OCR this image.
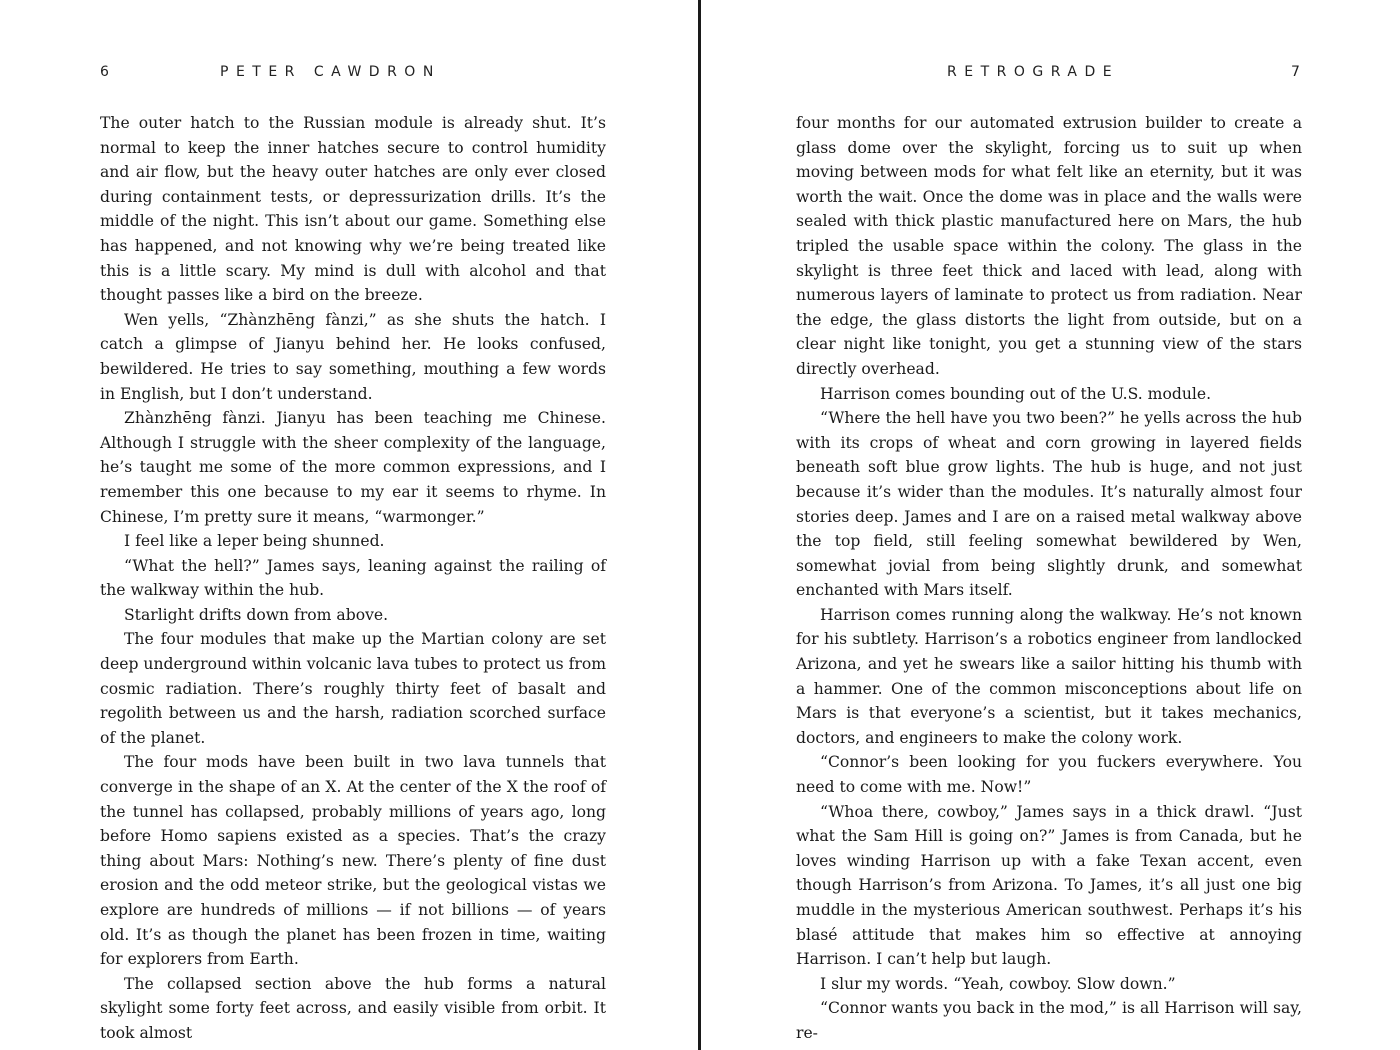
6	PETER CAWDRON

The outer hatch to the Russian module is already shut. It’s normal to keep the inner hatches secure to control humidity and air flow, but the heavy outer hatches are only ever closed during containment tests, or depressurization drills. It’s the middle of the night. This isn’t about our game. Something else has happened, and not knowing why we’re being treated like this is a little scary. My mind is dull with alcohol and that thought passes like a bird on the breeze.

Wen yells, “Zhànzhēng fànzi,” as she shuts the hatch. I catch a glimpse of Jianyu behind her. He looks confused, bewildered. He tries to say something, mouthing a few words in English, but I don’t understand.

Zhànzhēng fànzi. Jianyu has been teaching me Chinese. Although I struggle with the sheer complexity of the language, he’s taught me some of the more common expressions, and I remember this one because to my ear it seems to rhyme. In Chinese, I’m pretty sure it means, “warmonger.”

I feel like a leper being shunned.

“What the hell?” James says, leaning against the railing of the walkway within the hub.

Starlight drifts down from above.

The four modules that make up the Martian colony are set deep underground within volcanic lava tubes to protect us from cosmic radiation. There’s roughly thirty feet of basalt and regolith between us and the harsh, radiation scorched surface of the planet.

The four mods have been built in two lava tunnels that converge in the shape of an X. At the center of the X the roof of the tunnel has collapsed, probably millions of years ago, long before Homo sapiens existed as a species. That’s the crazy thing about Mars: Nothing’s new. There’s plenty of fine dust erosion and the odd meteor strike, but the geological vistas we explore are hundreds of millions — if not billions — of years old. It’s as though the planet has been frozen in time, waiting for explorers from Earth.

The collapsed section above the hub forms a natural skylight some forty feet across, and easily visible from orbit. It took almost

RETROGRADE	7

four months for our automated extrusion builder to create a glass dome over the skylight, forcing us to suit up when moving between mods for what felt like an eternity, but it was worth the wait. Once the dome was in place and the walls were sealed with thick plastic manufactured here on Mars, the hub tripled the usable space within the colony. The glass in the skylight is three feet thick and laced with lead, along with numerous layers of laminate to protect us from radiation. Near the edge, the glass distorts the light from outside, but on a clear night like tonight, you get a stunning view of the stars directly overhead.

Harrison comes bounding out of the U.S. module.

“Where the hell have you two been?” he yells across the hub with its crops of wheat and corn growing in layered fields beneath soft blue grow lights. The hub is huge, and not just because it’s wider than the modules. It’s naturally almost four stories deep. James and I are on a raised metal walkway above the top field, still feeling somewhat bewildered by Wen, somewhat jovial from being slightly drunk, and somewhat enchanted with Mars itself.

Harrison comes running along the walkway. He’s not known for his subtlety. Harrison’s a robotics engineer from landlocked Arizona, and yet he swears like a sailor hitting his thumb with a hammer. One of the common misconceptions about life on Mars is that everyone’s a scientist, but it takes mechanics, doctors, and engineers to make the colony work.

“Connor’s been looking for you fuckers everywhere. You need to come with me. Now!”

“Whoa there, cowboy,” James says in a thick drawl. “Just what the Sam Hill is going on?” James is from Canada, but he loves winding Harrison up with a fake Texan accent, even though Harrison’s from Arizona. To James, it’s all just one big muddle in the mysterious American southwest. Perhaps it’s his blasé attitude that makes him so effective at annoying Harrison. I can’t help but laugh.

I slur my words. “Yeah, cowboy. Slow down.”

“Connor wants you back in the mod,” is all Harrison will say, re-
